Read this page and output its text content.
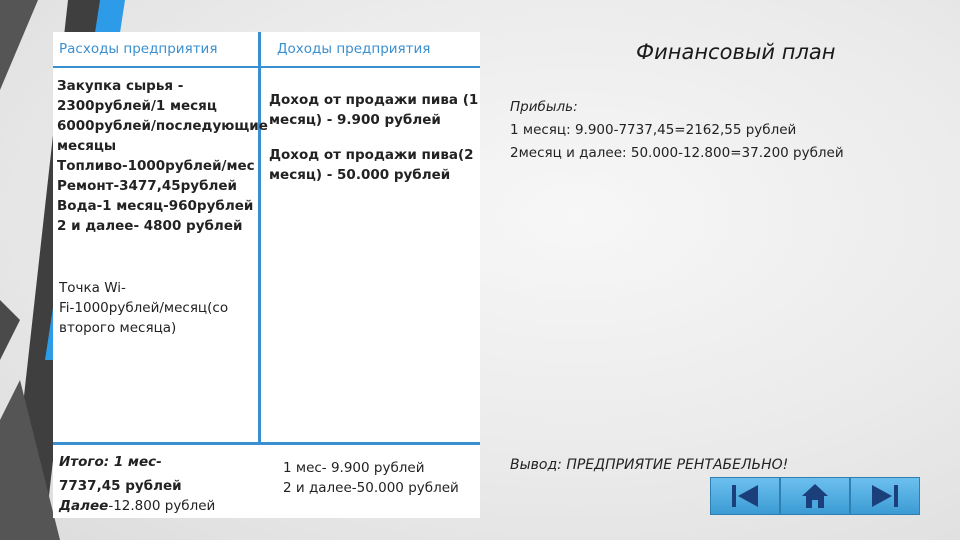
Расходы предприятия	Доходы предприятия
Закупка сырья -
2300рублей/1 месяц
6000рублей/последующие
месяцы
Топливо-1000рублей/мес
Ремонт-3477,45рублей
Вода-1 месяц-960рублей
2 и далее- 4800 рублей
Точка Wi-
Fi-1000рублей/месяц(со
второго месяца)
Доход от продажи пива (1
месяц) - 9.900 рублей
Доход от продажи пива(2
месяц) - 50.000 рублей
Итого: 1 мес-
7737,45 рублей
Далее-12.800 рублей
1 мес- 9.900 рублей
2 и далее-50.000 рублей
Финансовый план
Прибыль:
1 месяц: 9.900-7737,45=2162,55 рублей
2месяц и далее: 50.000-12.800=37.200 рублей
Вывод: ПРЕДПРИЯТИЕ РЕНТАБЕЛЬНО!
